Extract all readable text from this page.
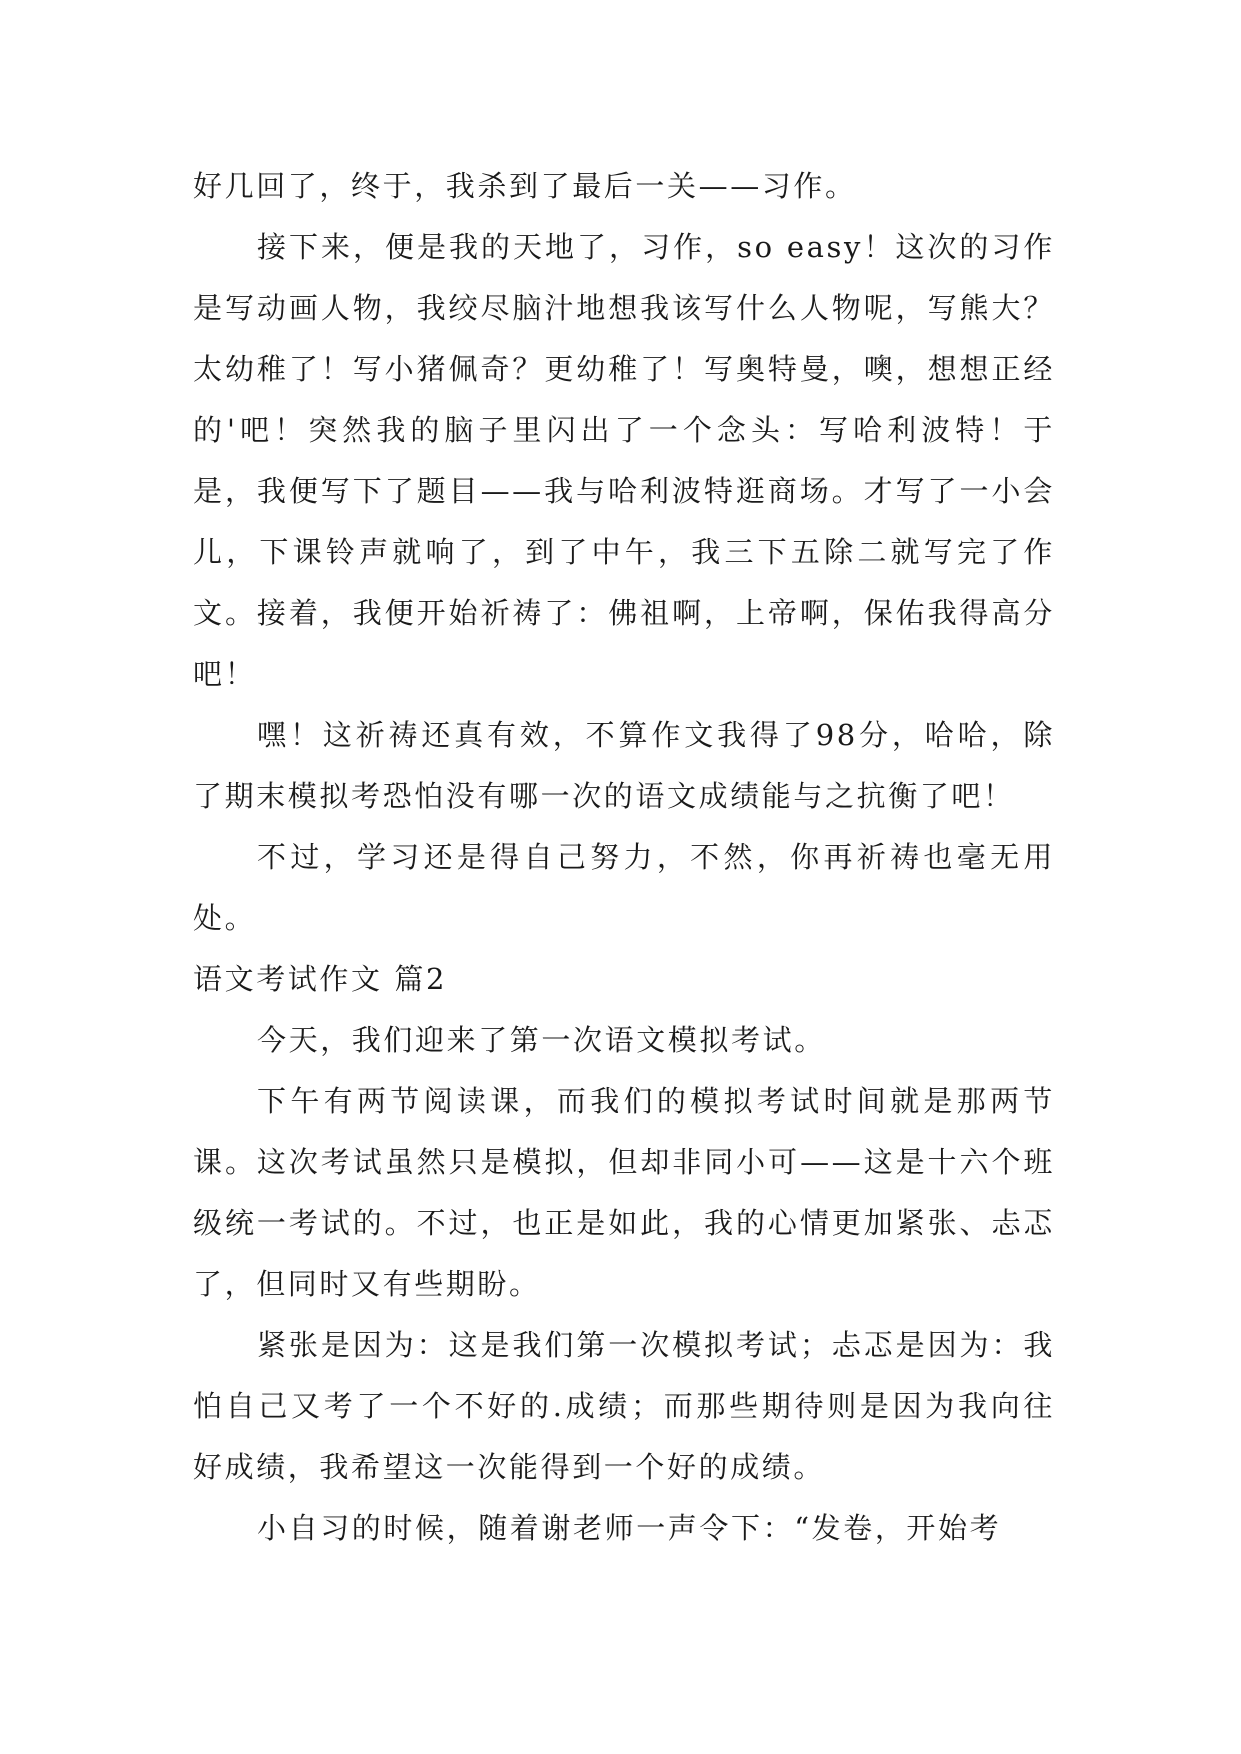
好几回了，终于，我杀到了最后一关——习作。

接下来，便是我的天地了，习作，so easy！这次的习作是写动画人物，我绞尽脑汁地想我该写什么人物呢，写熊大？太幼稚了！写小猪佩奇？更幼稚了！写奥特曼，噢，想想正经的'吧！突然我的脑子里闪出了一个念头：写哈利波特！于是，我便写下了题目——我与哈利波特逛商场。才写了一小会儿，下课铃声就响了，到了中午，我三下五除二就写完了作文。接着，我便开始祈祷了：佛祖啊，上帝啊，保佑我得高分吧！

嘿！这祈祷还真有效，不算作文我得了98分，哈哈，除了期末模拟考恐怕没有哪一次的语文成绩能与之抗衡了吧！

不过，学习还是得自己努力，不然，你再祈祷也毫无用处。

语文考试作文 篇2

今天，我们迎来了第一次语文模拟考试。

下午有两节阅读课，而我们的模拟考试时间就是那两节课。这次考试虽然只是模拟，但却非同小可——这是十六个班级统一考试的。不过，也正是如此，我的心情更加紧张、忐忑了，但同时又有些期盼。

紧张是因为：这是我们第一次模拟考试；忐忑是因为：我怕自己又考了一个不好的.成绩；而那些期待则是因为我向往好成绩，我希望这一次能得到一个好的成绩。

小自习的时候，随着谢老师一声令下：“发卷，开始考
